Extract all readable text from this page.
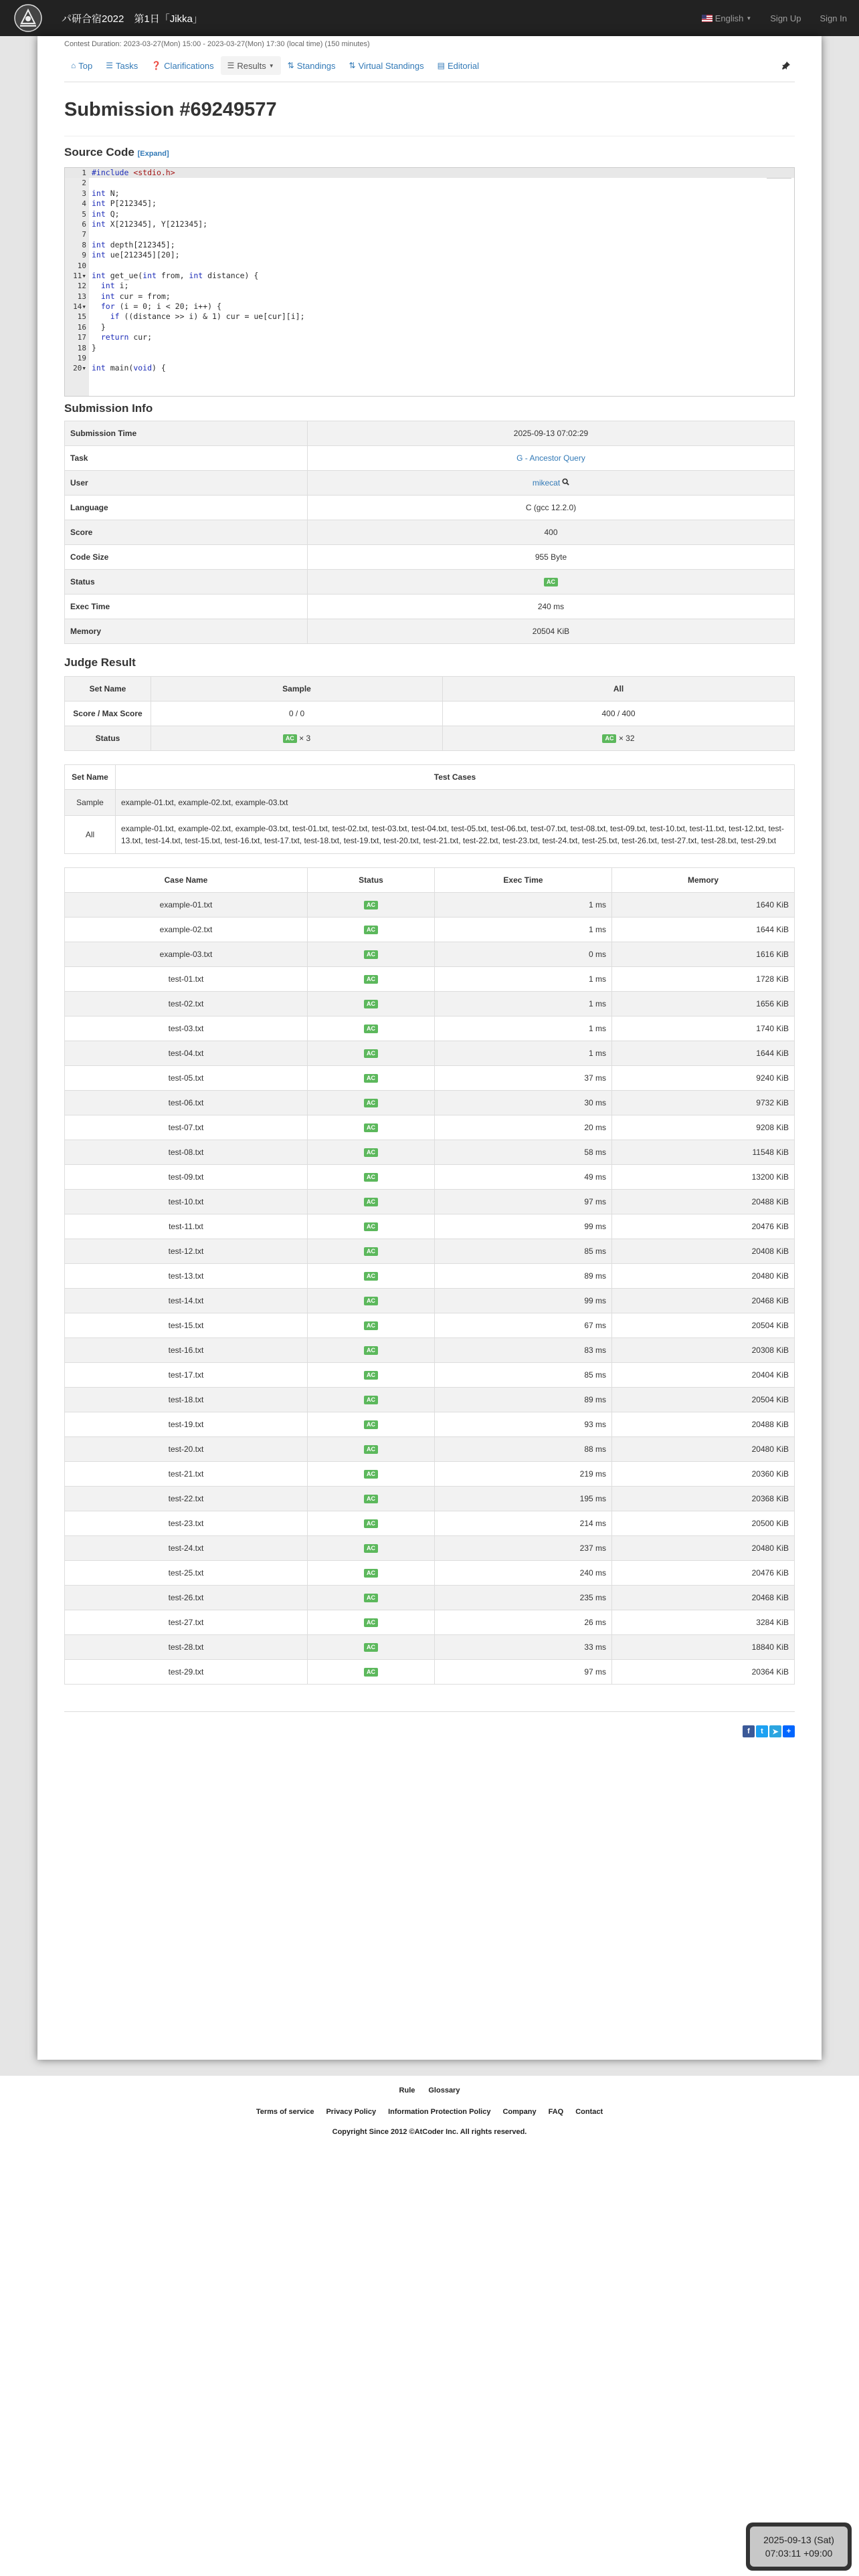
パ研合宿2022　第1日「Jikka」	English ▼ Sign Up Sign In
Contest Duration: 2023-03-27(Mon) 15:00 - 2023-03-27(Mon) 17:30 (local time) (150 minutes)
⌂ Top ☰ Tasks ❓ Clarifications ☰ Results ▼ ⇅ Standings ⇅ Virtual Standings ▤ Editorial
Submission #69249577
Source Code [Expand]
1 #include <stdio.h>
2
3 int N;
4 int P[212345];
5 int Q;
6 int X[212345], Y[212345];
7
8 int depth[212345];
9 int ue[212345][20];
10
11▾ int get_ue(int from, int distance) {
12	int i;
13	int cur = from;
14▾	for (i = 0; i < 20; i++) {
15	if ((distance >> i) & 1) cur = ue[cur][i];
16 }
17	return cur;
18 }
19
20▾ int main(void) {
Submission Info
Submission Time	2025-09-13 07:02:29
Task	G - Ancestor Query
User	mikecat
Language	C (gcc 12.2.0)
Score	400
Code Size	955 Byte
Status	AC
Exec Time	240 ms
Memory	20504 KiB
Judge Result
Set Name	Sample	All
Score / Max Score	0 / 0	400 / 400
Status	AC × 3	AC × 32
Set Name	Test Cases
Sample	example-01.txt, example-02.txt, example-03.txt
All	example-01.txt, example-02.txt, example-03.txt, test-01.txt, test-02.txt, test-03.txt, test-04.txt, test-05.txt, test-06.txt, test-07.txt, test-08.txt, test-09.txt, test-10.txt, test-11.txt, test-12.txt, test-13.txt, test-14.txt, test-15.txt, test-16.txt, test-17.txt, test-18.txt, test-19.txt, test-20.txt, test-21.txt, test-22.txt, test-23.txt, test-24.txt, test-25.txt, test-26.txt, test-27.txt, test-28.txt, test-29.txt
Case Name	Status	Exec Time	Memory
example-01.txt	AC	1 ms	1640 KiB
example-02.txt	AC	1 ms	1644 KiB
example-03.txt	AC	0 ms	1616 KiB
test-01.txt	AC	1 ms	1728 KiB
test-02.txt	AC	1 ms	1656 KiB
test-03.txt	AC	1 ms	1740 KiB
test-04.txt	AC	1 ms	1644 KiB
test-05.txt	AC	37 ms	9240 KiB
test-06.txt	AC	30 ms	9732 KiB
test-07.txt	AC	20 ms	9208 KiB
test-08.txt	AC	58 ms	11548 KiB
test-09.txt	AC	49 ms	13200 KiB
test-10.txt	AC	97 ms	20488 KiB
test-11.txt	AC	99 ms	20476 KiB
test-12.txt	AC	85 ms	20408 KiB
test-13.txt	AC	89 ms	20480 KiB
test-14.txt	AC	99 ms	20468 KiB
test-15.txt	AC	67 ms	20504 KiB
test-16.txt	AC	83 ms	20308 KiB
test-17.txt	AC	85 ms	20404 KiB
test-18.txt	AC	89 ms	20504 KiB
test-19.txt	AC	93 ms	20488 KiB
test-20.txt	AC	88 ms	20480 KiB
test-21.txt	AC	219 ms	20360 KiB
test-22.txt	AC	195 ms	20368 KiB
test-23.txt	AC	214 ms	20500 KiB
test-24.txt	AC	237 ms	20480 KiB
test-25.txt	AC	240 ms	20476 KiB
test-26.txt	AC	235 ms	20468 KiB
test-27.txt	AC	26 ms	3284 KiB
test-28.txt	AC	33 ms	18840 KiB
test-29.txt	AC	97 ms	20364 KiB
f	t	➤	+
Rule Glossary
Terms of service Privacy Policy Information Protection Policy Company FAQ Contact
Copyright Since 2012 ©AtCoder Inc. All rights reserved.
2025-09-13 (Sat)
07:03:11 +09:00
